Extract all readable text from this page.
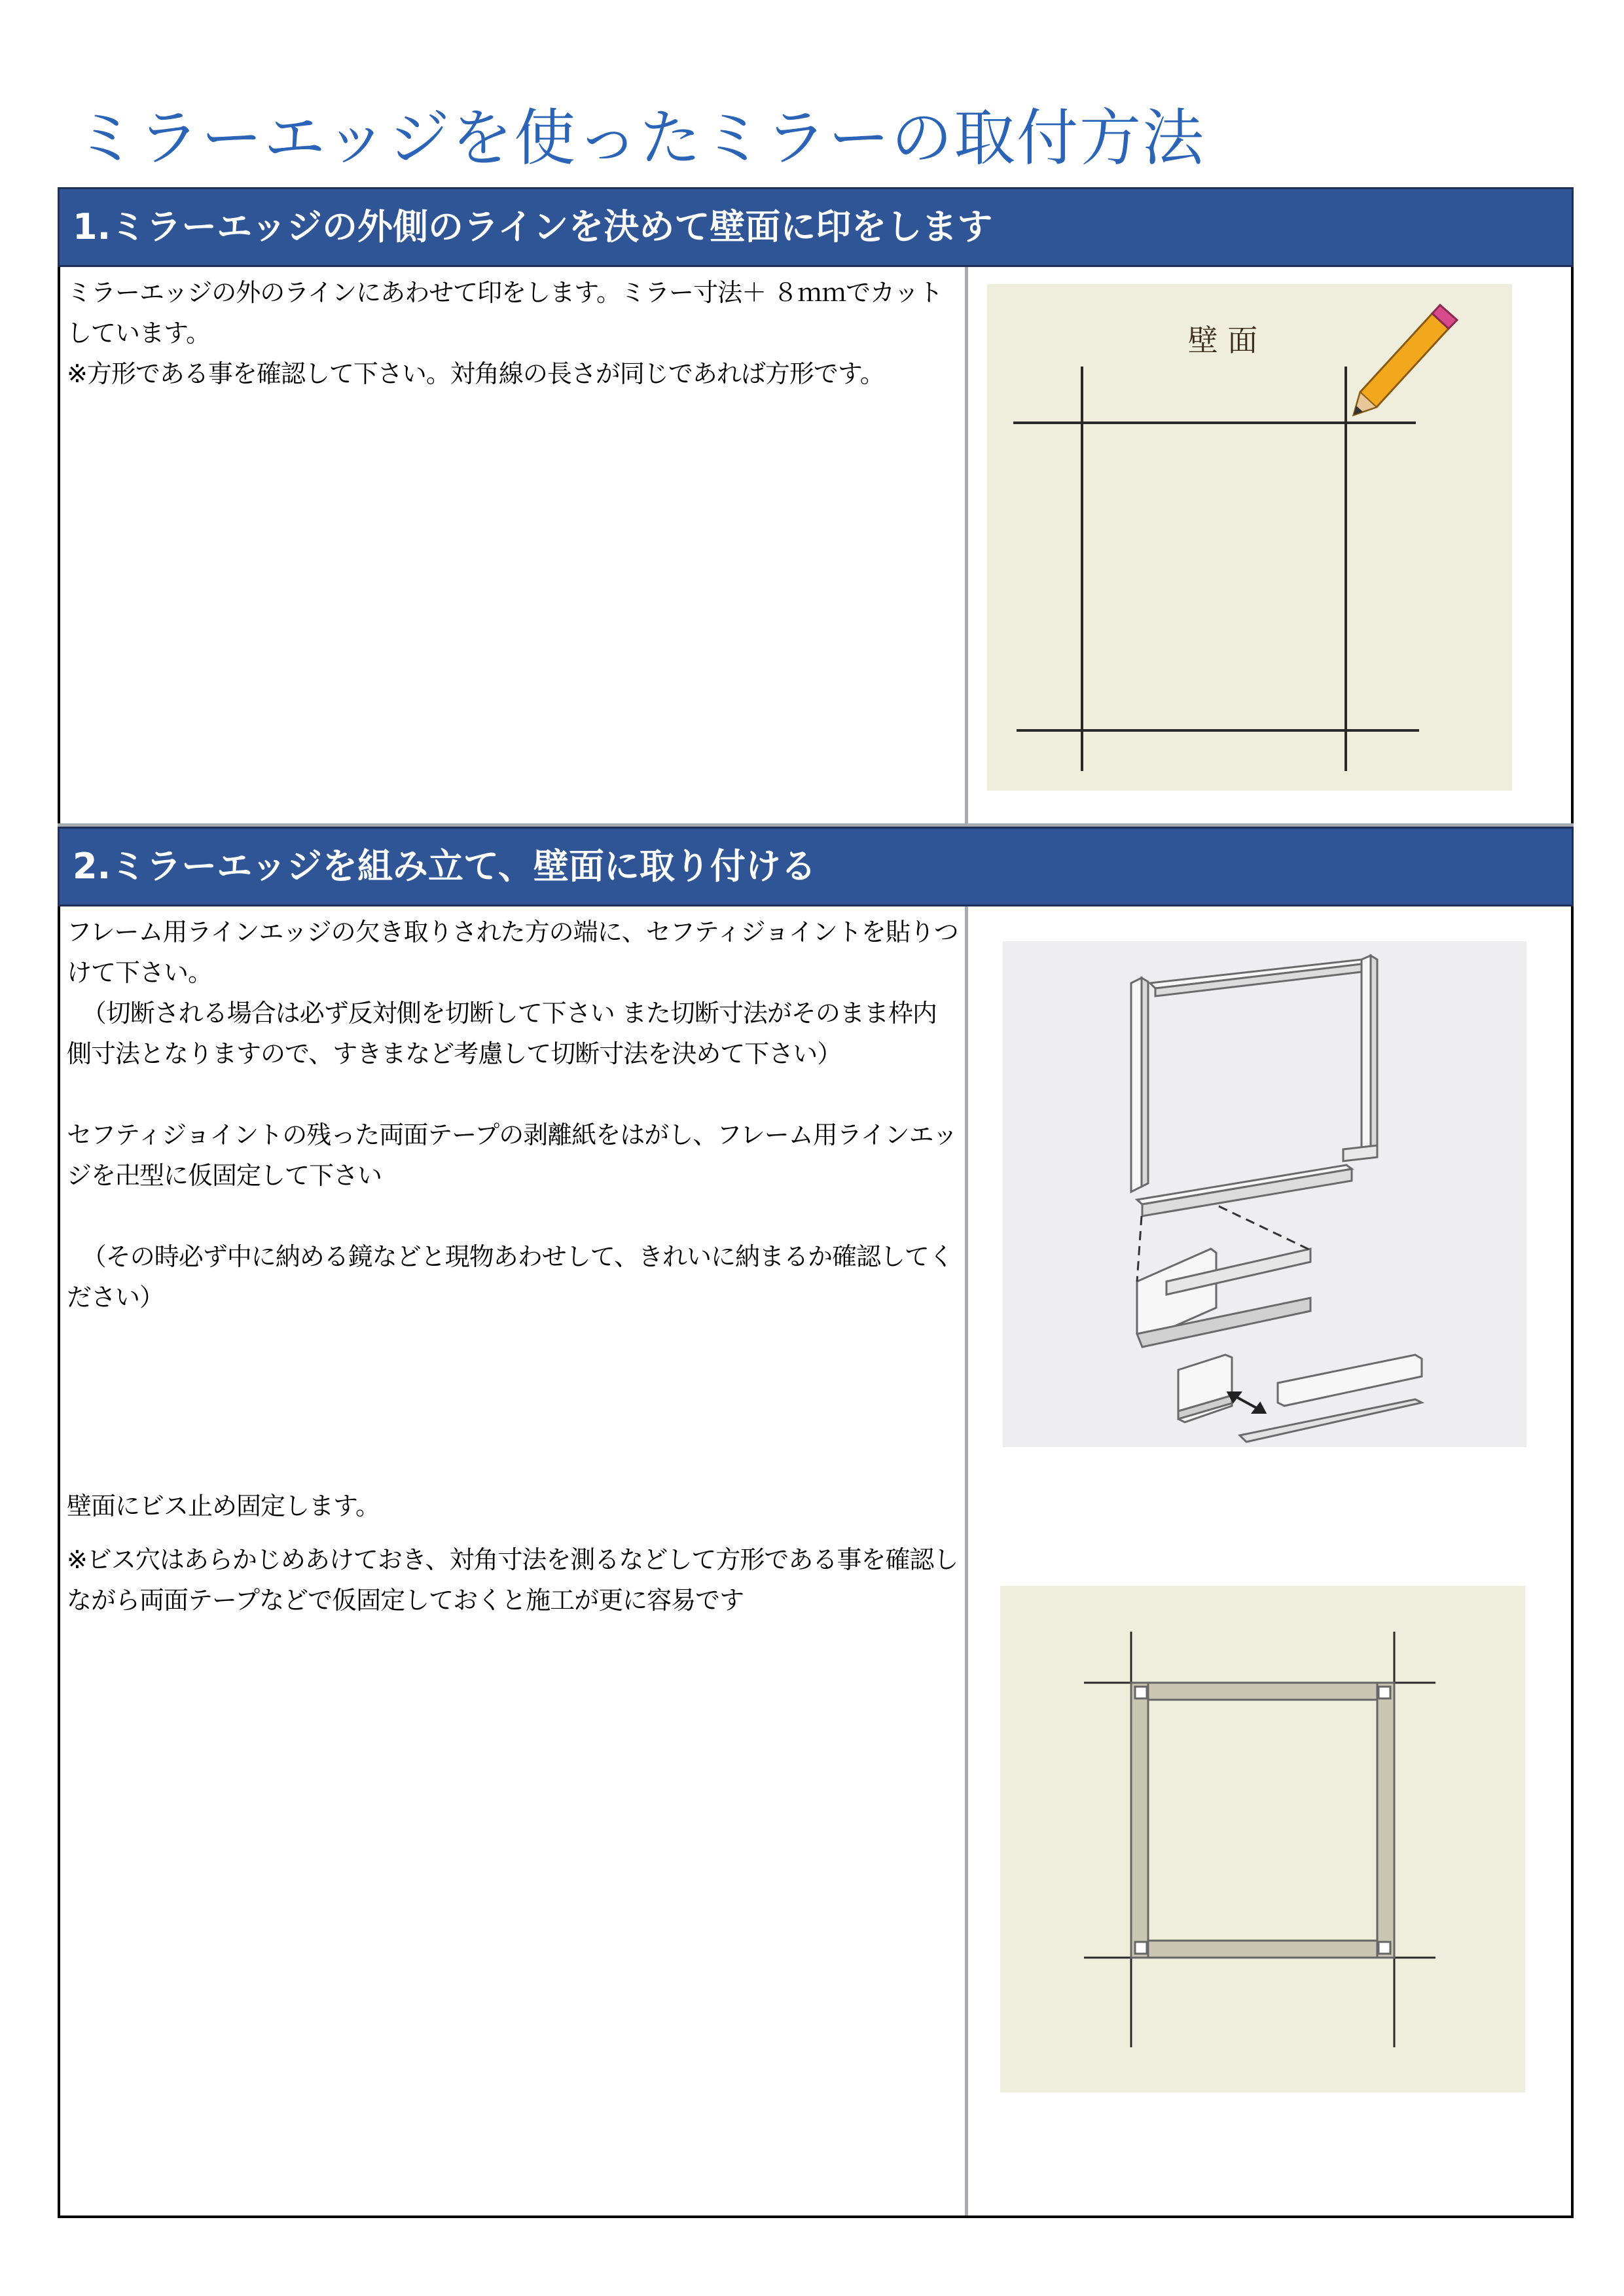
ミラーエッジを使ったミラーの取付方法
1.ミラーエッジの外側のラインを決めて壁面に印をします

ミラーエッジの外のラインにあわせて印をします。ミラー寸法＋ ８ｍｍでカットしています。

※方形である事を確認して下さい。対角線の長さが同じであれば方形です。

壁 面
2.ミラーエッジを組み立て、壁面に取り付ける

フレーム用ラインエッジの欠き取りされた方の端に、セフティジョイントを貼りつけて下さい。

（切断される場合は必ず反対側を切断して下さい また切断寸法がそのまま枠内側寸法となりますので、すきまなど考慮して切断寸法を決めて下さい）

セフティジョイントの残った両面テープの剥離紙をはがし、フレーム用ラインエッジを卍型に仮固定して下さい

（その時必ず中に納める鏡などと現物あわせして、きれいに納まるか確認してください）

壁面にビス止め固定します。

※ビス穴はあらかじめあけておき、対角寸法を測るなどして方形である事を確認しながら両面テープなどで仮固定しておくと施工が更に容易です
